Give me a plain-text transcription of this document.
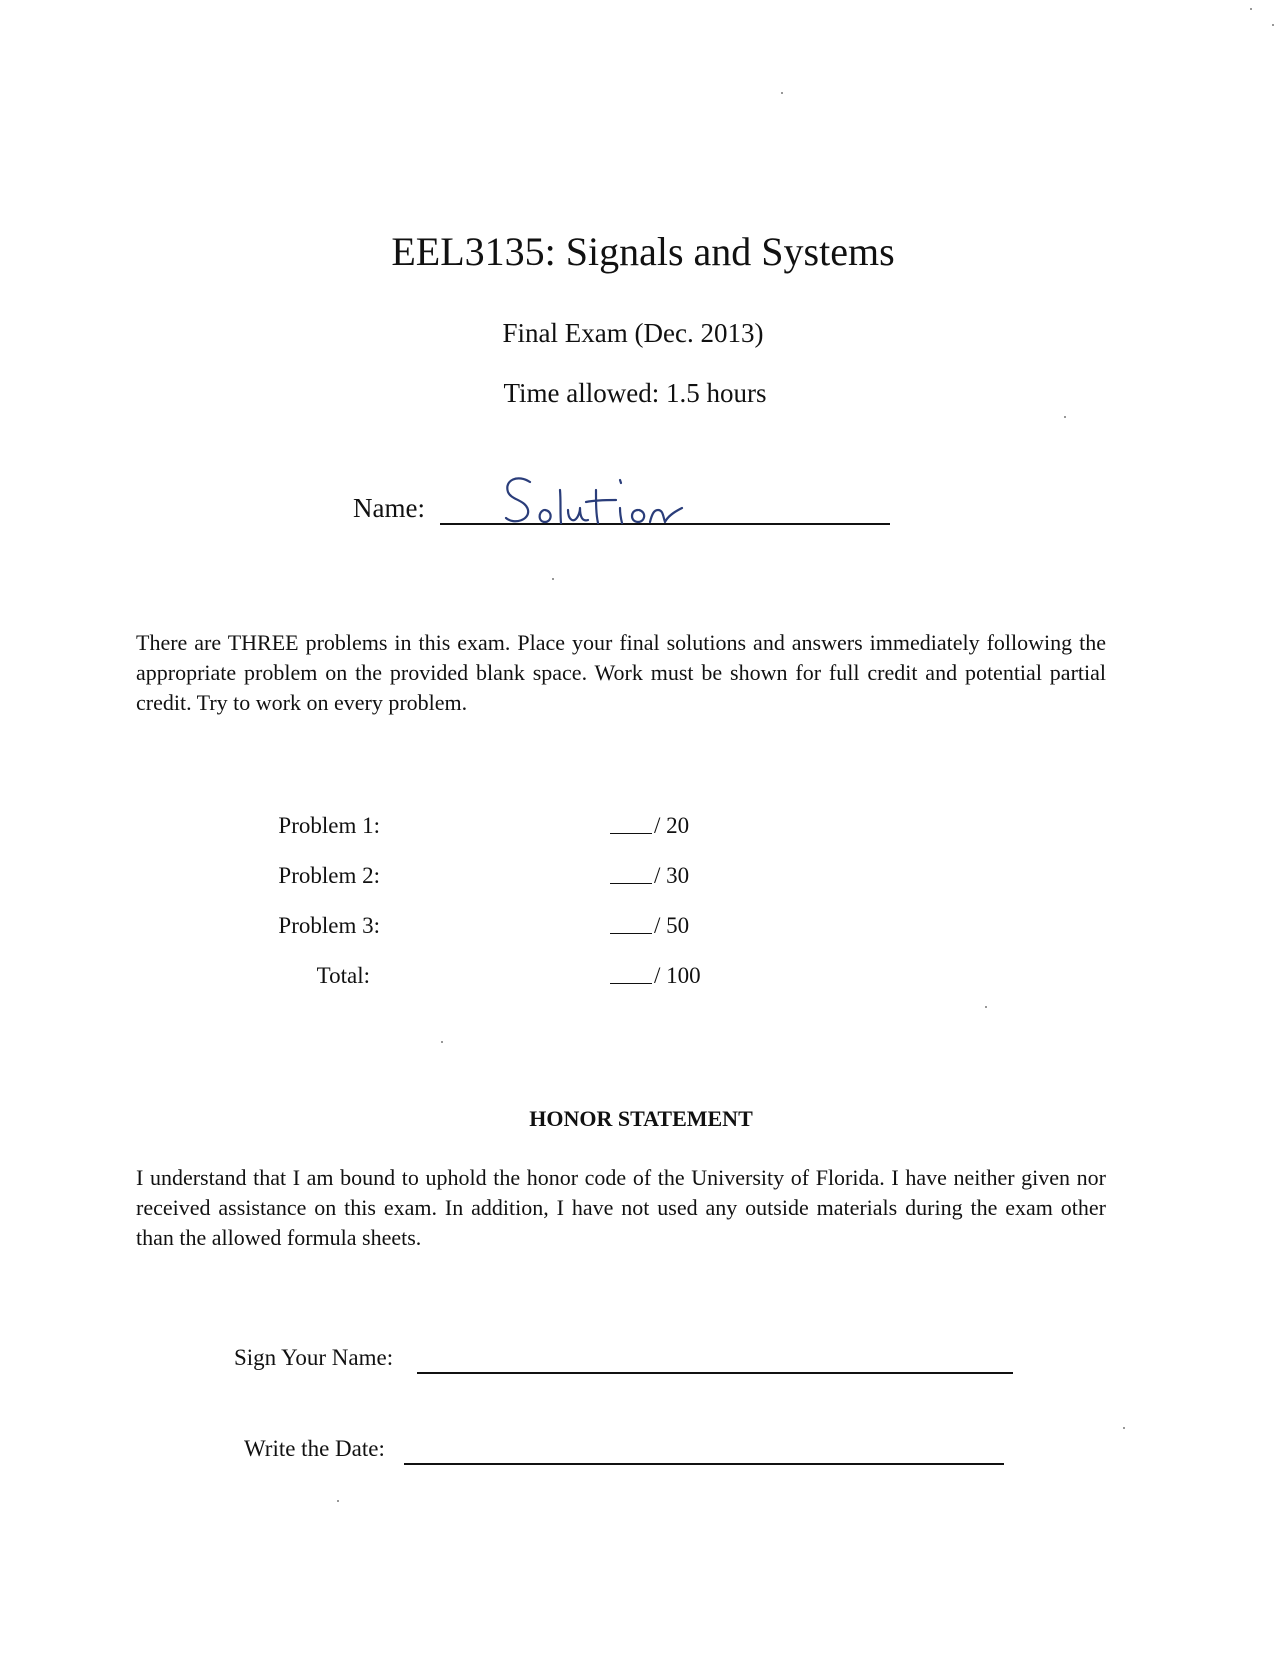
EEL3135: Signals and Systems
Final Exam (Dec. 2013)
Time allowed: 1.5 hours
Name:
There are THREE problems in this exam. Place your final solutions and answers immediately following the appropriate problem on the provided blank space. Work must be shown for full credit and potential partial credit. Try to work on every problem.
Problem 1:	/ 20
Problem 2:	/ 30
Problem 3:	/ 50
Total:	/ 100
HONOR STATEMENT
I understand that I am bound to uphold the honor code of the University of Florida. I have neither given nor received assistance on this exam. In addition, I have not used any outside materials during the exam other than the allowed formula sheets.
Sign Your Name:
Write the Date:
